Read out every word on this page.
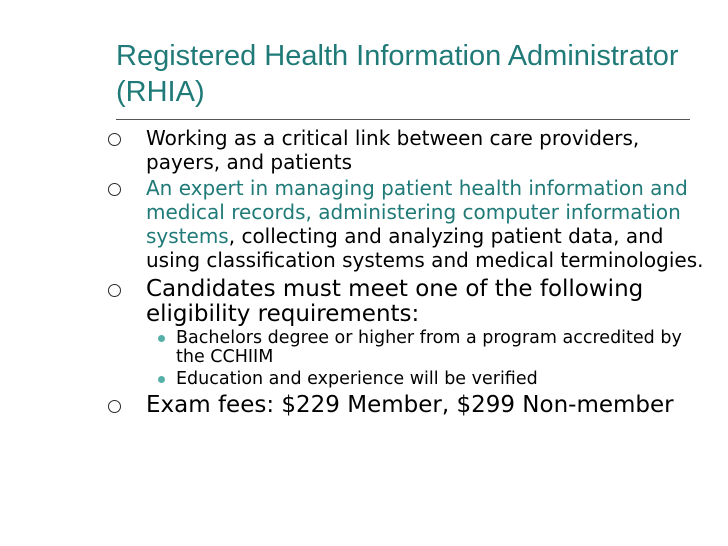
Registered Health Information Administrator (RHIA)
Working as a critical link between care providers, payers, and patients
An expert in managing patient health information and medical records, administering computer information systems, collecting and analyzing patient data, and using classification systems and medical terminologies.
Candidates must meet one of the following eligibility requirements:
Bachelors degree or higher from a program accredited by the CCHIIM
Education and experience will be verified
Exam fees: $229 Member, $299 Non-member
